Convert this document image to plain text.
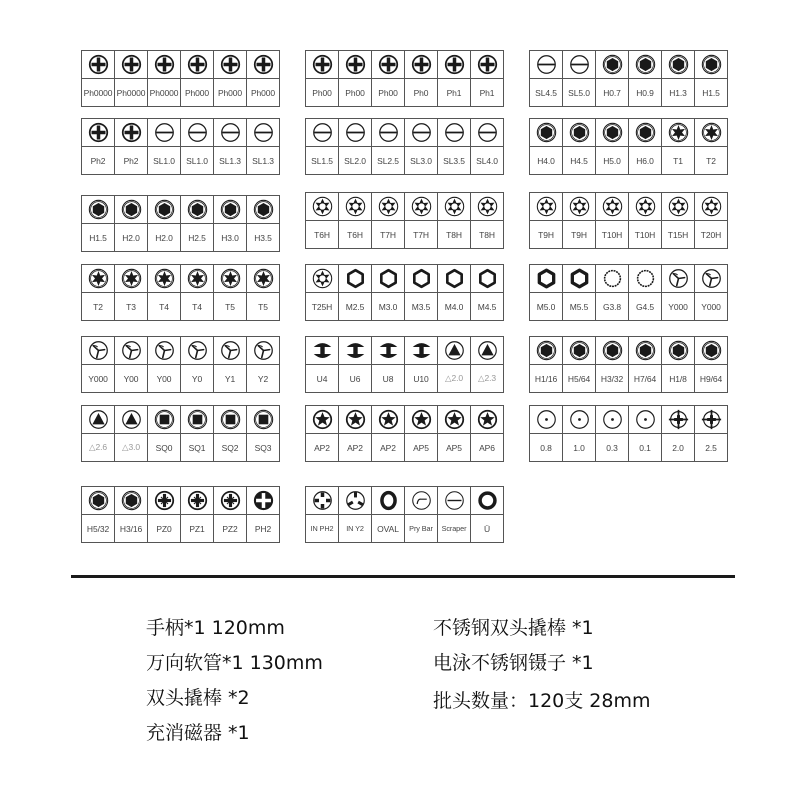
Ph0000 Ph0000 Ph0000 Ph000	Ph000	Ph000	Ph00	Ph00	Ph00	Ph0	Ph1	Ph1	SL4.5	SL5.0	H0.7	H0.9	H1.3	H1.5
Ph2	Ph2	SL1.0	SL1.0	SL1.3	SL1.3	SL1.5	SL2.0	SL2.5	SL3.0	SL3.5	SL4.0	H4.0	H4.5	H5.0	H6.0	T1	T2
H1.5	H2.0	H2.0	H2.5	H3.0	H3.5	T6H	T6H	T7H	T7H	T8H	T8H	T9H	T9H	T10H	T10H	T15H	T20H
T2	T3	T4	T4	T5	T5	T25H	M2.5	M3.0	M3.5	M4.0	M4.5	M5.0	M5.5	G3.8	G4.5	Y000	Y000
Y000	Y00	Y00	Y0	Y1	Y2	U4	U6	U8	U10	△2.0	△2.3	H1/16	H5/64	H3/32	H7/64	H1/8	H9/64
△2.6	△3.0	SQ0	SQ1	SQ2	SQ3	AP2	AP2	AP2	AP5	AP5	AP6	0.8	1.0	0.3	0.1	2.0	2.5
H5/32	H3/16	PZ0	PZ1	PZ2	PH2	IN PH2	IN Y2	OVAL	Pry Bar	Scraper	Ü
手柄*1 120mm
万向软管*1 130mm
双头撬棒 *2
充消磁器 *1
不锈钢双头撬棒 *1
电泳不锈钢镊子 *1
批头数量：120支 28mm
